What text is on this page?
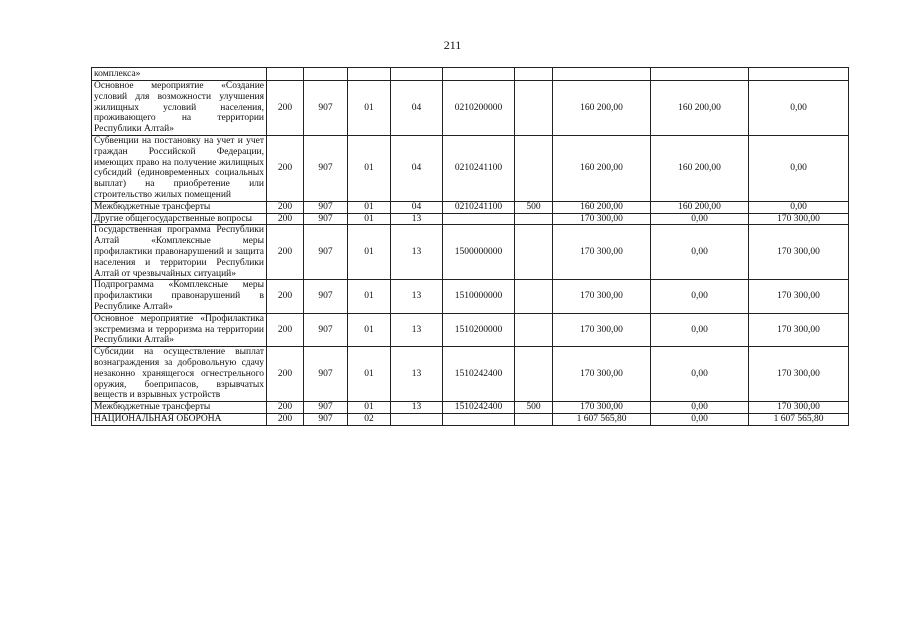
211
комплекса»									
Основное мероприятие «Создание условий для возможности улучшения жилищных условий населения, проживающего на территории Республики Алтай»	200	907	01	04	0210200000		160 200,00	160 200,00	0,00
Субвенции на постановку на учет и учет граждан Российской Федерации, имеющих право на получение жилищных субсидий (единовременных социальных выплат) на приобретение или строительство жилых помещений	200	907	01	04	0210241100		160 200,00	160 200,00	0,00
Межбюджетные трансферты	200	907	01	04	0210241100	500	160 200,00	160 200,00	0,00
Другие общегосударственные вопросы	200	907	01	13			170 300,00	0,00	170 300,00
Государственная программа Республики Алтай «Комплексные меры профилактики правонарушений и защита населения и территории Республики Алтай от чрезвычайных ситуаций»	200	907	01	13	1500000000		170 300,00	0,00	170 300,00
Подпрограмма «Комплексные меры профилактики правонарушений в Республике Алтай»	200	907	01	13	1510000000		170 300,00	0,00	170 300,00
Основное мероприятие «Профилактика экстремизма и терроризма на территории Республики Алтай»	200	907	01	13	1510200000		170 300,00	0,00	170 300,00
Субсидии на осуществление выплат вознаграждения за добровольную сдачу незаконно хранящегося огнестрельного оружия, боеприпасов, взрывчатых веществ и взрывных устройств	200	907	01	13	1510242400		170 300,00	0,00	170 300,00
Межбюджетные трансферты	200	907	01	13	1510242400	500	170 300,00	0,00	170 300,00
НАЦИОНАЛЬНАЯ ОБОРОНА	200	907	02				1 607 565,80	0,00	1 607 565,80
